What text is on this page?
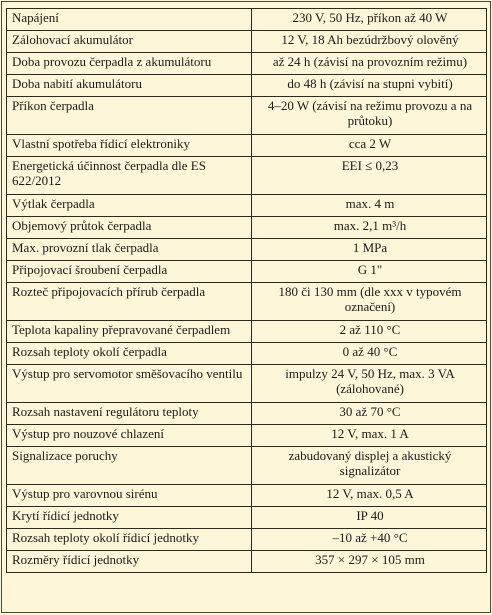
Napájení	230 V, 50 Hz, příkon až 40 W
Zálohovací akumulátor	12 V, 18 Ah bezúdržbový olověný
Doba provozu čerpadla z akumulátoru	až 24 h (závisí na provozním režimu)
Doba nabití akumulátoru	do 48 h (závisí na stupni vybití)
Příkon čerpadla	4–20 W (závisí na režimu provozu a na průtoku)
Vlastní spotřeba řídicí elektroniky	cca 2 W
Energetická účinnost čerpadla dle ES 622/2012	EEI ≤ 0,23
Výtlak čerpadla	max. 4 m
Objemový průtok čerpadla	max. 2,1 m³/h
Max. provozní tlak čerpadla	1 MPa
Připojovací šroubení čerpadla	G 1"
Rozteč připojovacích přírub čerpadla	180 či 130 mm (dle xxx v typovém označení)
Teplota kapaliny přepravované čerpadlem	2 až 110 °C
Rozsah teploty okolí čerpadla	0 až 40 °C
Výstup pro servomotor směšovacího ventilu	impulzy 24 V, 50 Hz, max. 3 VA (zálohované)
Rozsah nastavení regulátoru teploty	30 až 70 °C
Výstup pro nouzové chlazení	12 V, max. 1 A
Signalizace poruchy	zabudovaný displej a akustický signalizátor
Výstup pro varovnou sirénu	12 V, max. 0,5 A
Krytí řídicí jednotky	IP 40
Rozsah teploty okolí řídicí jednotky	–10 až +40 °C
Rozměry řídicí jednotky	357 × 297 × 105 mm
